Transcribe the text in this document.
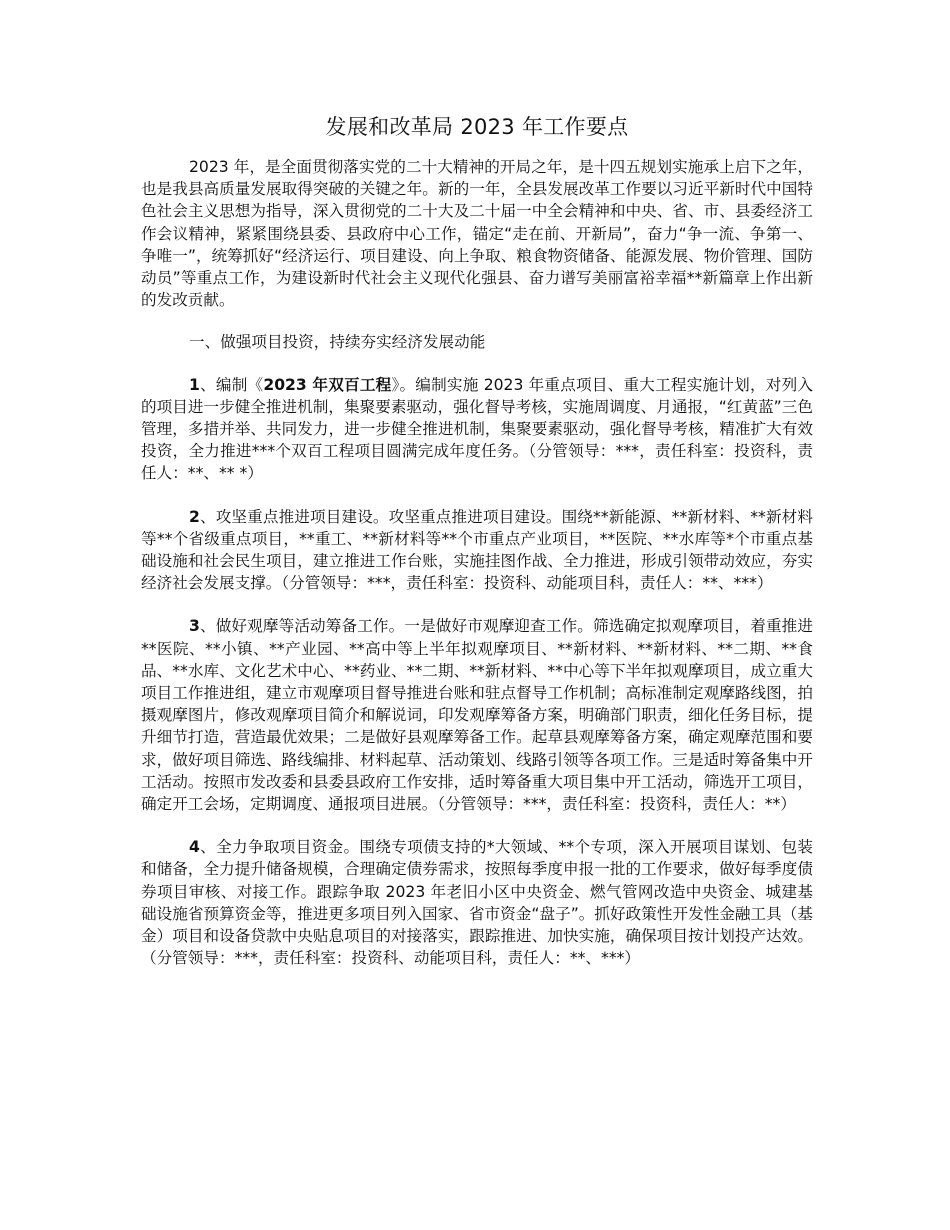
发展和改革局 2023 年工作要点

2023 年，是全面贯彻落实党的二十大精神的开局之年，是十四五规划实施承上启下之年，也是我县高质量发展取得突破的关键之年。新的一年，全县发展改革工作要以习近平新时代中国特色社会主义思想为指导，深入贯彻党的二十大及二十届一中全会精神和中央、省、市、县委经济工作会议精神，紧紧围绕县委、县政府中心工作，锚定“走在前、开新局”，奋力“争一流、争第一、争唯一”，统筹抓好“经济运行、项目建设、向上争取、粮食物资储备、能源发展、物价管理、国防动员”等重点工作，为建设新时代社会主义现代化强县、奋力谱写美丽富裕幸福**新篇章上作出新的发改贡献。

一、做强项目投资，持续夯实经济发展动能

1、编制《2023 年双百工程》。编制实施 2023 年重点项目、重大工程实施计划，对列入的项目进一步健全推进机制，集聚要素驱动，强化督导考核，实施周调度、月通报，“红黄蓝”三色管理，多措并举、共同发力，进一步健全推进机制，集聚要素驱动，强化督导考核，精准扩大有效投资，全力推进***个双百工程项目圆满完成年度任务。（分管领导：***，责任科室：投资科，责任人：**、** *）

2、攻坚重点推进项目建设。攻坚重点推进项目建设。围绕**新能源、**新材料、**新材料等**个省级重点项目，**重工、**新材料等**个市重点产业项目，**医院、**水库等*个市重点基础设施和社会民生项目，建立推进工作台账，实施挂图作战、全力推进，形成引领带动效应，夯实经济社会发展支撑。（分管领导：***，责任科室：投资科、动能项目科，责任人：**、***）

3、做好观摩等活动筹备工作。一是做好市观摩迎查工作。筛选确定拟观摩项目，着重推进**医院、**小镇、**产业园、**高中等上半年拟观摩项目、**新材料、**新材料、**二期、**食品、**水库、文化艺术中心、**药业、**二期、**新材料、**中心等下半年拟观摩项目，成立重大项目工作推进组，建立市观摩项目督导推进台账和驻点督导工作机制；高标准制定观摩路线图，拍摄观摩图片，修改观摩项目简介和解说词，印发观摩筹备方案，明确部门职责，细化任务目标，提升细节打造，营造最优效果；二是做好县观摩筹备工作。起草县观摩筹备方案，确定观摩范围和要求，做好项目筛选、路线编排、材料起草、活动策划、线路引领等各项工作。三是适时筹备集中开工活动。按照市发改委和县委县政府工作安排，适时筹备重大项目集中开工活动，筛选开工项目，确定开工会场，定期调度、通报项目进展。（分管领导：***，责任科室：投资科，责任人：**）

4、全力争取项目资金。围绕专项债支持的*大领域、**个专项，深入开展项目谋划、包装和储备，全力提升储备规模，合理确定债券需求，按照每季度申报一批的工作要求，做好每季度债券项目审核、对接工作。跟踪争取 2023 年老旧小区中央资金、燃气管网改造中央资金、城建基础设施省预算资金等，推进更多项目列入国家、省市资金“盘子”。抓好政策性开发性金融工具（基金）项目和设备贷款中央贴息项目的对接落实，跟踪推进、加快实施，确保项目按计划投产达效。（分管领导：***，责任科室：投资科、动能项目科，责任人：**、***）
